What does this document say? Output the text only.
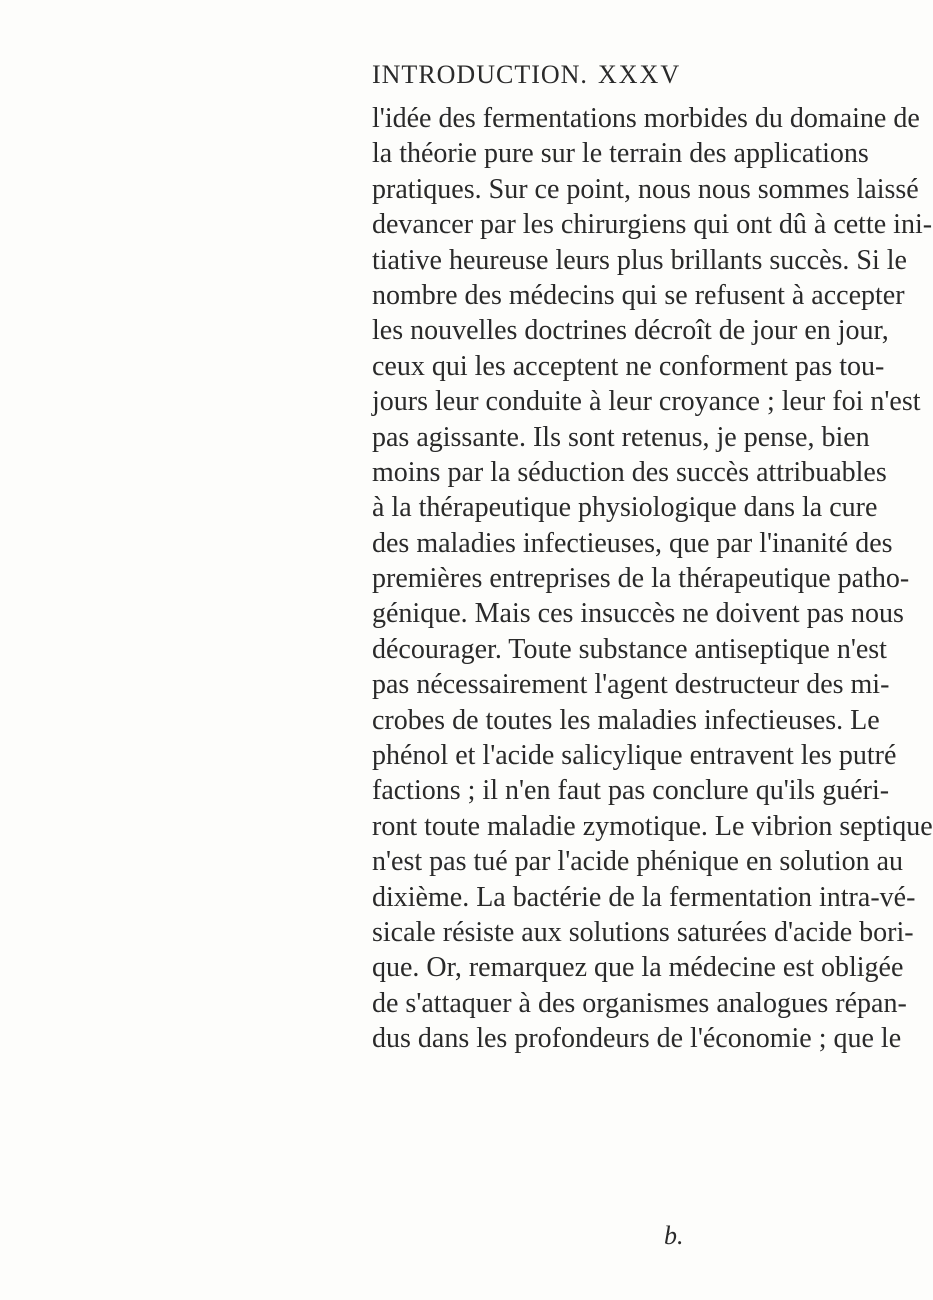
INTRODUCTION. XXXV
l'idée des fermentations morbides du domaine de
la théorie pure sur le terrain des applications
pratiques. Sur ce point, nous nous sommes laissé
devancer par les chirurgiens qui ont dû à cette ini-
tiative heureuse leurs plus brillants succès. Si le
nombre des médecins qui se refusent à accepter
les nouvelles doctrines décroît de jour en jour,
ceux qui les acceptent ne conforment pas tou-
jours leur conduite à leur croyance ; leur foi n'est
pas agissante. Ils sont retenus, je pense, bien
moins par la séduction des succès attribuables
à la thérapeutique physiologique dans la cure
des maladies infectieuses, que par l'inanité des
premières entreprises de la thérapeutique patho-
génique. Mais ces insuccès ne doivent pas nous
décourager. Toute substance antiseptique n'est
pas nécessairement l'agent destructeur des mi-
crobes de toutes les maladies infectieuses. Le
phénol et l'acide salicylique entravent les putré
factions ; il n'en faut pas conclure qu'ils guéri-
ront toute maladie zymotique. Le vibrion septique
n'est pas tué par l'acide phénique en solution au
dixième. La bactérie de la fermentation intra-vé-
sicale résiste aux solutions saturées d'acide bori-
que. Or, remarquez que la médecine est obligée
de s'attaquer à des organismes analogues répan-
dus dans les profondeurs de l'économie ; que le
b.
